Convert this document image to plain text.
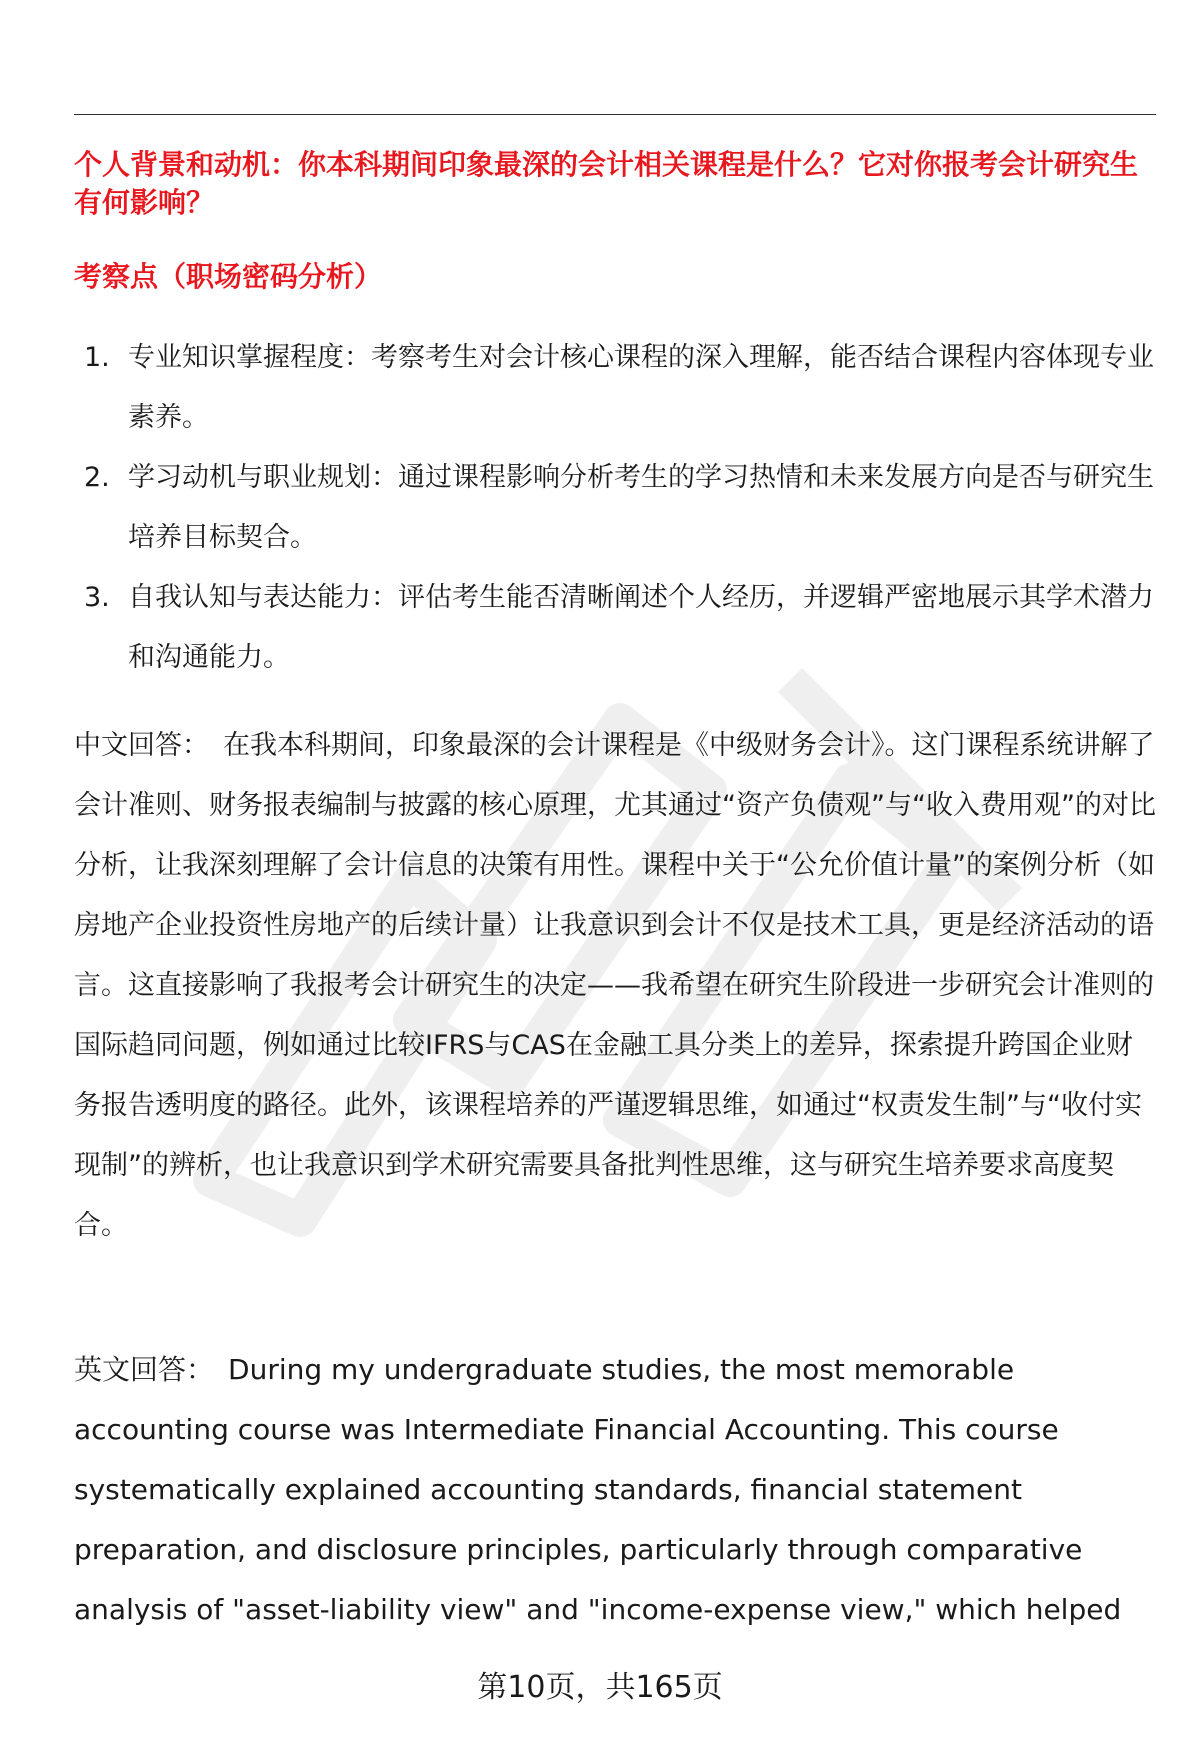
个人背景和动机：你本科期间印象最深的会计相关课程是什么？它对你报考会计研究生有何影响？
考察点（职场密码分析）
1. 专业知识掌握程度：考察考生对会计核心课程的深入理解，能否结合课程内容体现专业素养。
2. 学习动机与职业规划：通过课程影响分析考生的学习热情和未来发展方向是否与研究生培养目标契合。
3. 自我认知与表达能力：评估考生能否清晰阐述个人经历，并逻辑严密地展示其学术潜力和沟通能力。

中文回答： 在我本科期间，印象最深的会计课程是《中级财务会计》。这门课程系统讲解了会计准则、财务报表编制与披露的核心原理，尤其通过“资产负债观”与“收入费用观”的对比分析，让我深刻理解了会计信息的决策有用性。课程中关于“公允价值计量”的案例分析（如房地产企业投资性房地产的后续计量）让我意识到会计不仅是技术工具，更是经济活动的语言。这直接影响了我报考会计研究生的决定——我希望在研究生阶段进一步研究会计准则的国际趋同问题，例如通过比较IFRS与CAS在金融工具分类上的差异，探索提升跨国企业财务报告透明度的路径。此外，该课程培养的严谨逻辑思维，如通过“权责发生制”与“收付实现制”的辨析，也让我意识到学术研究需要具备批判性思维，这与研究生培养要求高度契合。

英文回答： During my undergraduate studies, the most memorable accounting course was Intermediate Financial Accounting. This course systematically explained accounting standards, financial statement preparation, and disclosure principles, particularly through comparative analysis of "asset-liability view" and "income-expense view," which helped

第10页，共165页
